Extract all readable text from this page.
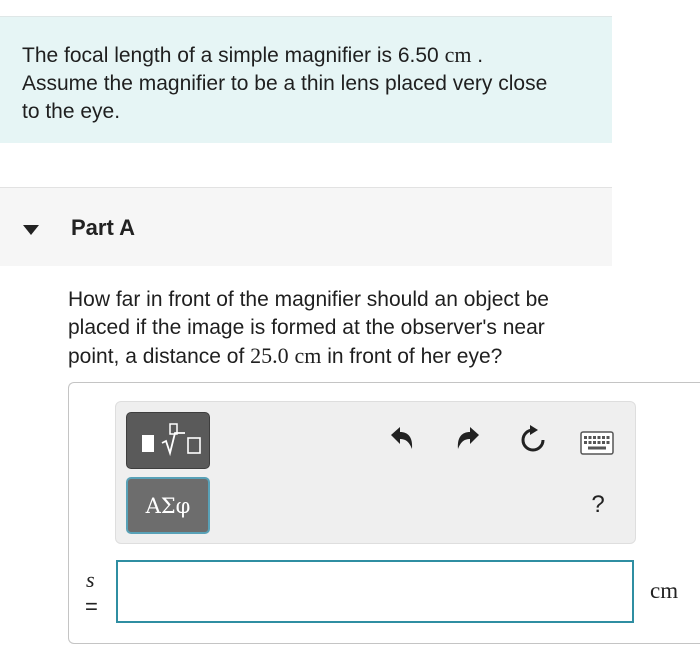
The focal length of a simple magnifier is 6.50 cm .
Assume the magnifier to be a thin lens placed very close
to the eye.
Part A
How far in front of the magnifier should an object be
placed if the image is formed at the observer's near
point, a distance of 25.0 cm in front of her eye?
ΑΣφ	?
s
=
cm
